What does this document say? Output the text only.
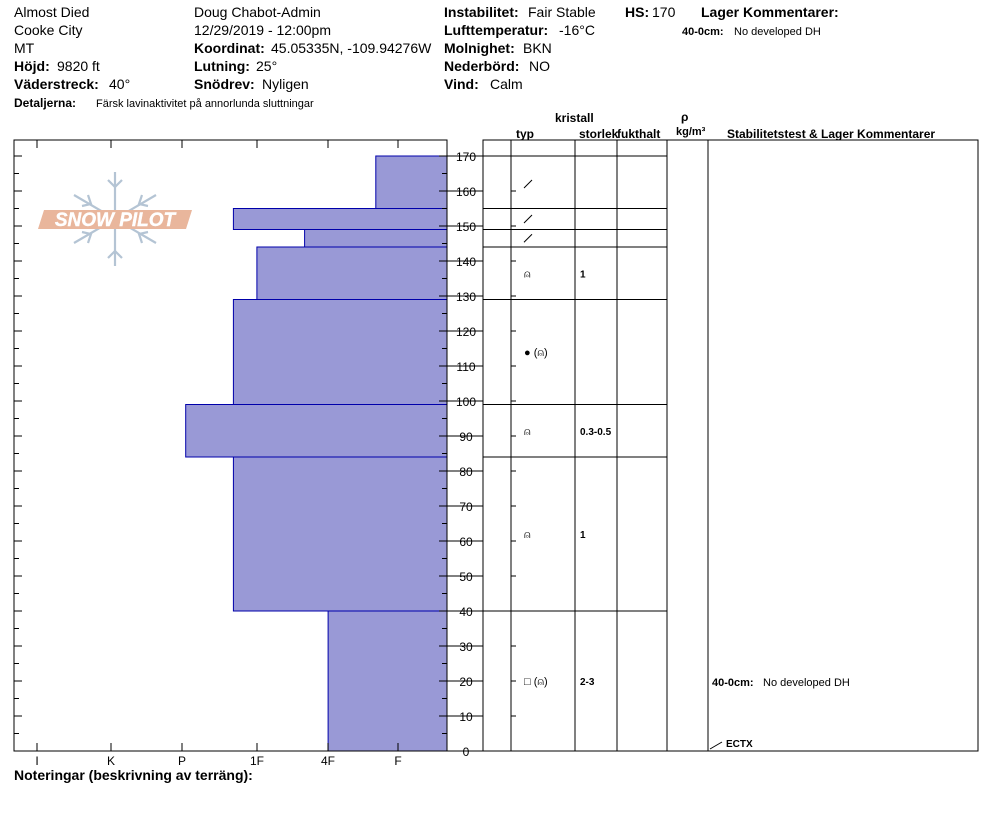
Almost Died
Cooke City
MT
Höjd: 9820 ft
Väderstreck: 40°
Detaljerna: Färsk lavinaktivitet på annorlunda sluttningar
Doug Chabot-Admin
12/29/2019 - 12:00pm
Koordinat: 45.05335N, -109.94276W
Lutning: 25°
Snödrev: Nyligen
Instabilitet: Fair Stable
Lufttemperatur: -16°C
Molnighet: BKN
Nederbörd: NO
Vind: Calm
HS: 170 Lager Kommentarer:
40-0cm: No developed DH
kristall
typ	storlek
fukthalt
ρ
kg/m³ Stabilitetstest & Lager Kommentarer
Noteringar (beskrivning av terräng):
SNOW PILOT
0
10
20
30
40
50
60
70
80
90
100
110
120
130
140
150
160
170
I	K	P	1F	4F	F
⍝	1
● (⍝)
⍝	0.3-0.5
⍝	1
□ (⍝)	2-3	40-0cm: No developed DH
ECTX
